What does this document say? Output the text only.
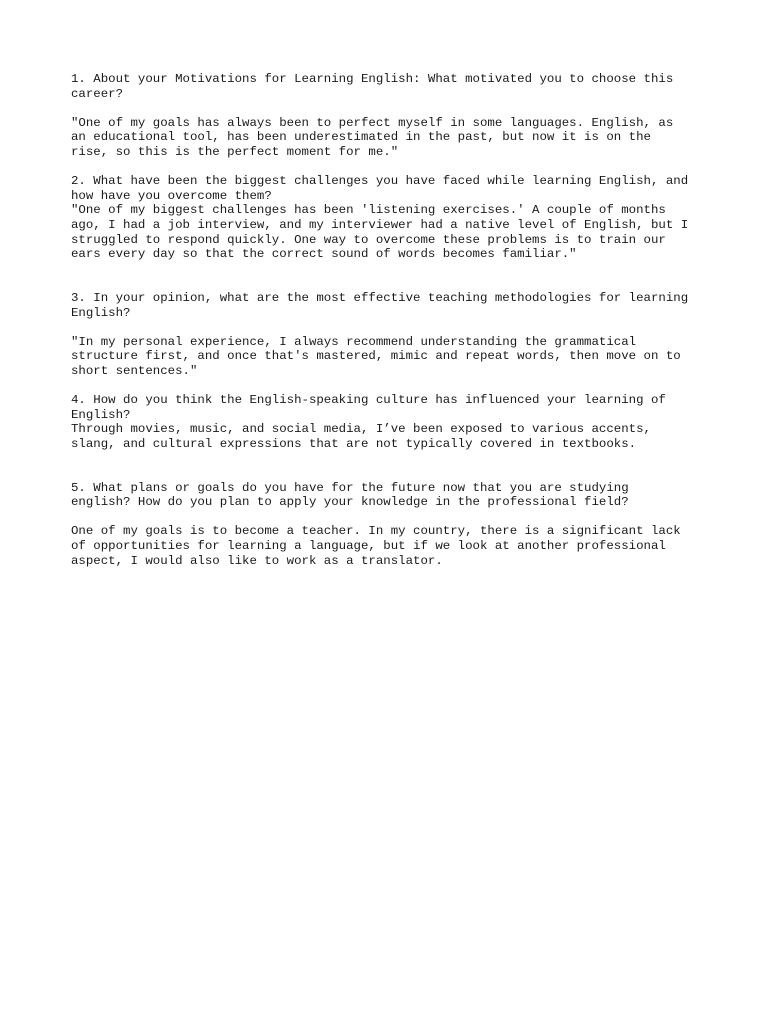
1. About your Motivations for Learning English: What motivated you to choose this
career?
"One of my goals has always been to perfect myself in some languages. English, as
an educational tool, has been underestimated in the past, but now it is on the
rise, so this is the perfect moment for me."
2. What have been the biggest challenges you have faced while learning English, and
how have you overcome them?
"One of my biggest challenges has been 'listening exercises.' A couple of months
ago, I had a job interview, and my interviewer had a native level of English, but I
struggled to respond quickly. One way to overcome these problems is to train our
ears every day so that the correct sound of words becomes familiar."
3. In your opinion, what are the most effective teaching methodologies for learning
English?
"In my personal experience, I always recommend understanding the grammatical
structure first, and once that's mastered, mimic and repeat words, then move on to
short sentences."
4. How do you think the English-speaking culture has influenced your learning of
English?
Through movies, music, and social media, I’ve been exposed to various accents,
slang, and cultural expressions that are not typically covered in textbooks.
5. What plans or goals do you have for the future now that you are studying
english? How do you plan to apply your knowledge in the professional field?
One of my goals is to become a teacher. In my country, there is a significant lack
of opportunities for learning a language, but if we look at another professional
aspect, I would also like to work as a translator.
